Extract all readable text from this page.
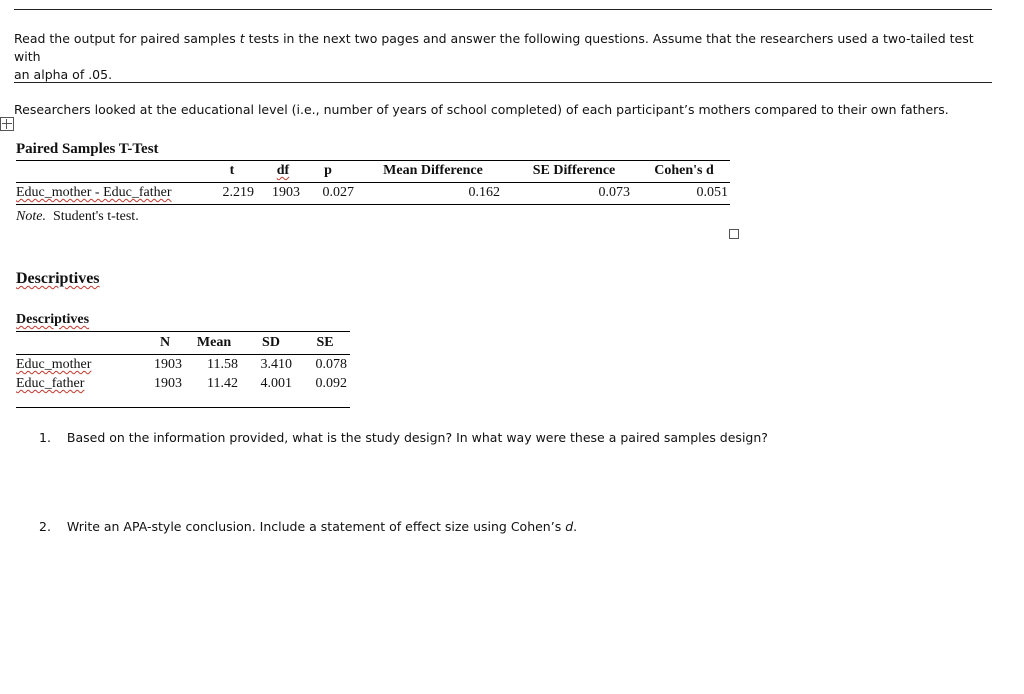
Read the output for paired samples t tests in the next two pages and answer the following questions. Assume that the researchers used a two-tailed test with
an alpha of .05.
Researchers looked at the educational level (i.e., number of years of school completed) of each participant’s mothers compared to their own fathers.
Paired Samples T-Test
t	df	p	Mean Difference	SE Difference	Cohen's d
Educ_mother - Educ_father	2.219	1903	0.027	0.162	0.073	0.051
Note.  Student's t-test.
Descriptives
Descriptives
N	Mean	SD	SE
Educ_mother	1903	11.58	3.410	0.078
Educ_father	1903	11.42	4.001	0.092
1. Based on the information provided, what is the study design? In what way were these a paired samples design?
2. Write an APA-style conclusion. Include a statement of effect size using Cohen’s d.
